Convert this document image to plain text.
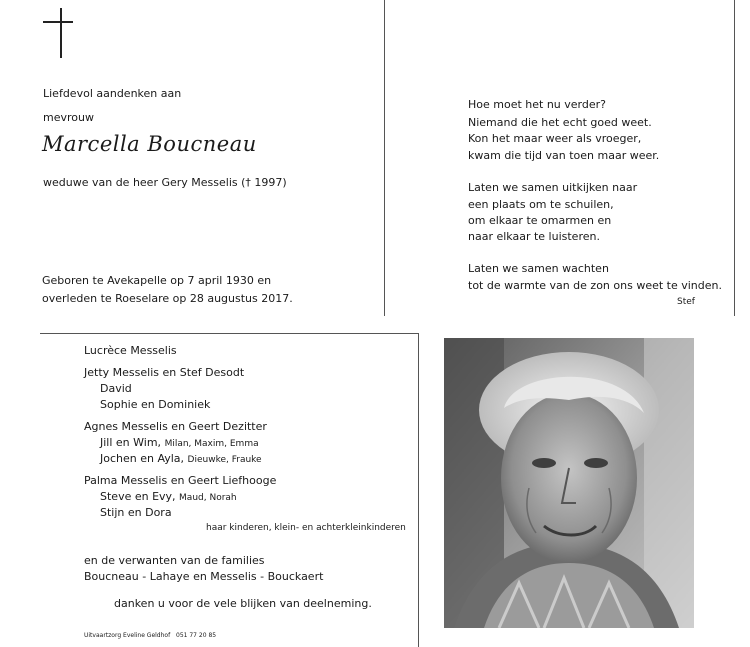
Liefdevol aandenken aan
mevrouw
Marcella Boucneau
weduwe van de heer Gery Messelis († 1997)
Geboren te Avekapelle op 7 april 1930 en
overleden te Roeselare op 28 augustus 2017.
Hoe moet het nu verder?
Niemand die het echt goed weet.
Kon het maar weer als vroeger,
kwam die tijd van toen maar weer.
Laten we samen uitkijken naar
een plaats om te schuilen,
om elkaar te omarmen en
naar elkaar te luisteren.
Laten we samen wachten
tot de warmte van de zon ons weet te vinden.
Stef
Lucrèce Messelis
Jetty Messelis en Stef Desodt
David
Sophie en Dominiek
Agnes Messelis en Geert Dezitter
Jill en Wim, Milan, Maxim, Emma
Jochen en Ayla, Dieuwke, Frauke
Palma Messelis en Geert Liefhooge
Steve en Evy, Maud, Norah
Stijn en Dora
haar kinderen, klein- en achterkleinkinderen
en de verwanten van de families
Boucneau - Lahaye en Messelis - Bouckaert
danken u voor de vele blijken van deelneming.
Uitvaartzorg Eveline Geldhof 051 77 20 85
